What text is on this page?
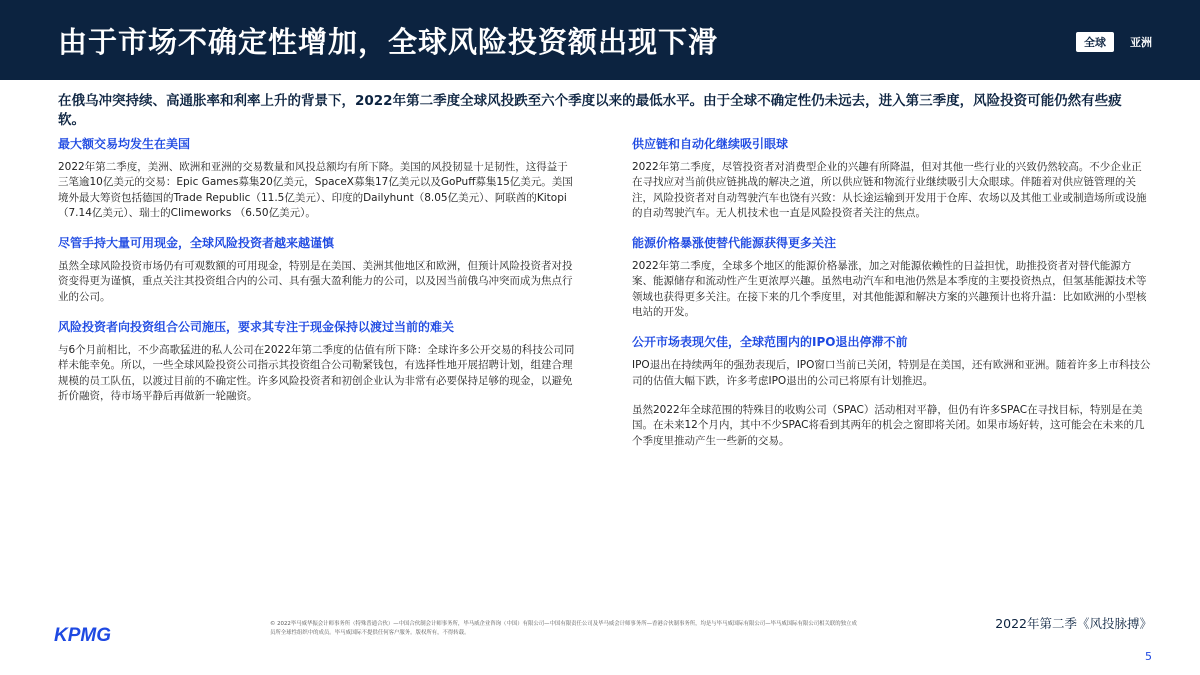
由于市场不确定性增加，全球风险投资额出现下滑	全球	亚洲
在俄乌冲突持续、高通胀率和利率上升的背景下，2022年第二季度全球风投跌至六个季度以来的最低水平。由于全球不确定性仍未远去，进入第三季度，风险投资可能仍然有些疲软。
最大额交易均发生在美国
2022年第二季度，美洲、欧洲和亚洲的交易数量和风投总额均有所下降。美国的风投韧显十足韧性，这得益于三笔逾10亿美元的交易：Epic Games募集20亿美元，SpaceX募集17亿美元以及GoPuff募集15亿美元。美国境外最大筹资包括德国的Trade Republic（11.5亿美元）、印度的Dailyhunt（8.05亿美元）、阿联酋的Kitopi（7.14亿美元）、瑞士的Climeworks （6.50亿美元）。
尽管手持大量可用现金，全球风险投资者越来越谨慎
虽然全球风险投资市场仍有可观数额的可用现金，特别是在美国、美洲其他地区和欧洲，但预计风险投资者对投资变得更为谨慎，重点关注其投资组合内的公司、具有强大盈利能力的公司，以及因当前俄乌冲突而成为焦点行业的公司。
风险投资者向投资组合公司施压，要求其专注于现金保持以渡过当前的难关
与6个月前相比，不少高歌猛进的私人公司在2022年第二季度的估值有所下降：全球许多公开交易的科技公司同样未能幸免。所以，一些全球风险投资公司指示其投资组合公司勒紧钱包，有选择性地开展招聘计划，组建合理规模的员工队伍，以渡过目前的不确定性。许多风险投资者和初创企业认为非常有必要保持足够的现金，以避免折价融资，待市场平静后再做新一轮融资。
供应链和自动化继续吸引眼球
2022年第二季度，尽管投资者对消费型企业的兴趣有所降温，但对其他一些行业的兴致仍然较高。不少企业正在寻找应对当前供应链挑战的解决之道，所以供应链和物流行业继续吸引大众眼球。伴随着对供应链管理的关注，风险投资者对自动驾驶汽车也饶有兴致：从长途运输到开发用于仓库、农场以及其他工业或制造场所或设施的自动驾驶汽车。无人机技术也一直是风险投资者关注的焦点。
能源价格暴涨使替代能源获得更多关注
2022年第二季度，全球多个地区的能源价格暴涨，加之对能源依赖性的日益担忧，助推投资者对替代能源方案、能源储存和流动性产生更浓厚兴趣。虽然电动汽车和电池仍然是本季度的主要投资热点，但氢基能源技术等领域也获得更多关注。在接下来的几个季度里，对其他能源和解决方案的兴趣预计也将升温：比如欧洲的小型核电站的开发。
公开市场表现欠佳，全球范围内的IPO退出停滞不前
IPO退出在持续两年的强劲表现后，IPO窗口当前已关闭，特别是在美国，还有欧洲和亚洲。随着许多上市科技公司的估值大幅下跌，许多考虑IPO退出的公司已将原有计划推迟。
虽然2022年全球范围的特殊目的收购公司（SPAC）活动相对平静，但仍有许多SPAC在寻找目标，特别是在美国。在未来12个月内，其中不少SPAC将看到其两年的机会之窗即将关闭。如果市场好转，这可能会在未来的几个季度里推动产生一些新的交易。
KPMG
© 2022毕马威华振会计师事务所（特殊普通合伙）—中国合伙制会计师事务所，毕马威企业咨询（中国）有限公司—中国有限责任公司及毕马威会计师事务所—香港合伙制事务所，均是与毕马威国际有限公司—毕马威国际有限公司相关联的独立成员所全球性组织中的成员。毕马威国际不提供任何客户服务。版权所有，不得转载。
2022年第二季《风投脉搏》
5
